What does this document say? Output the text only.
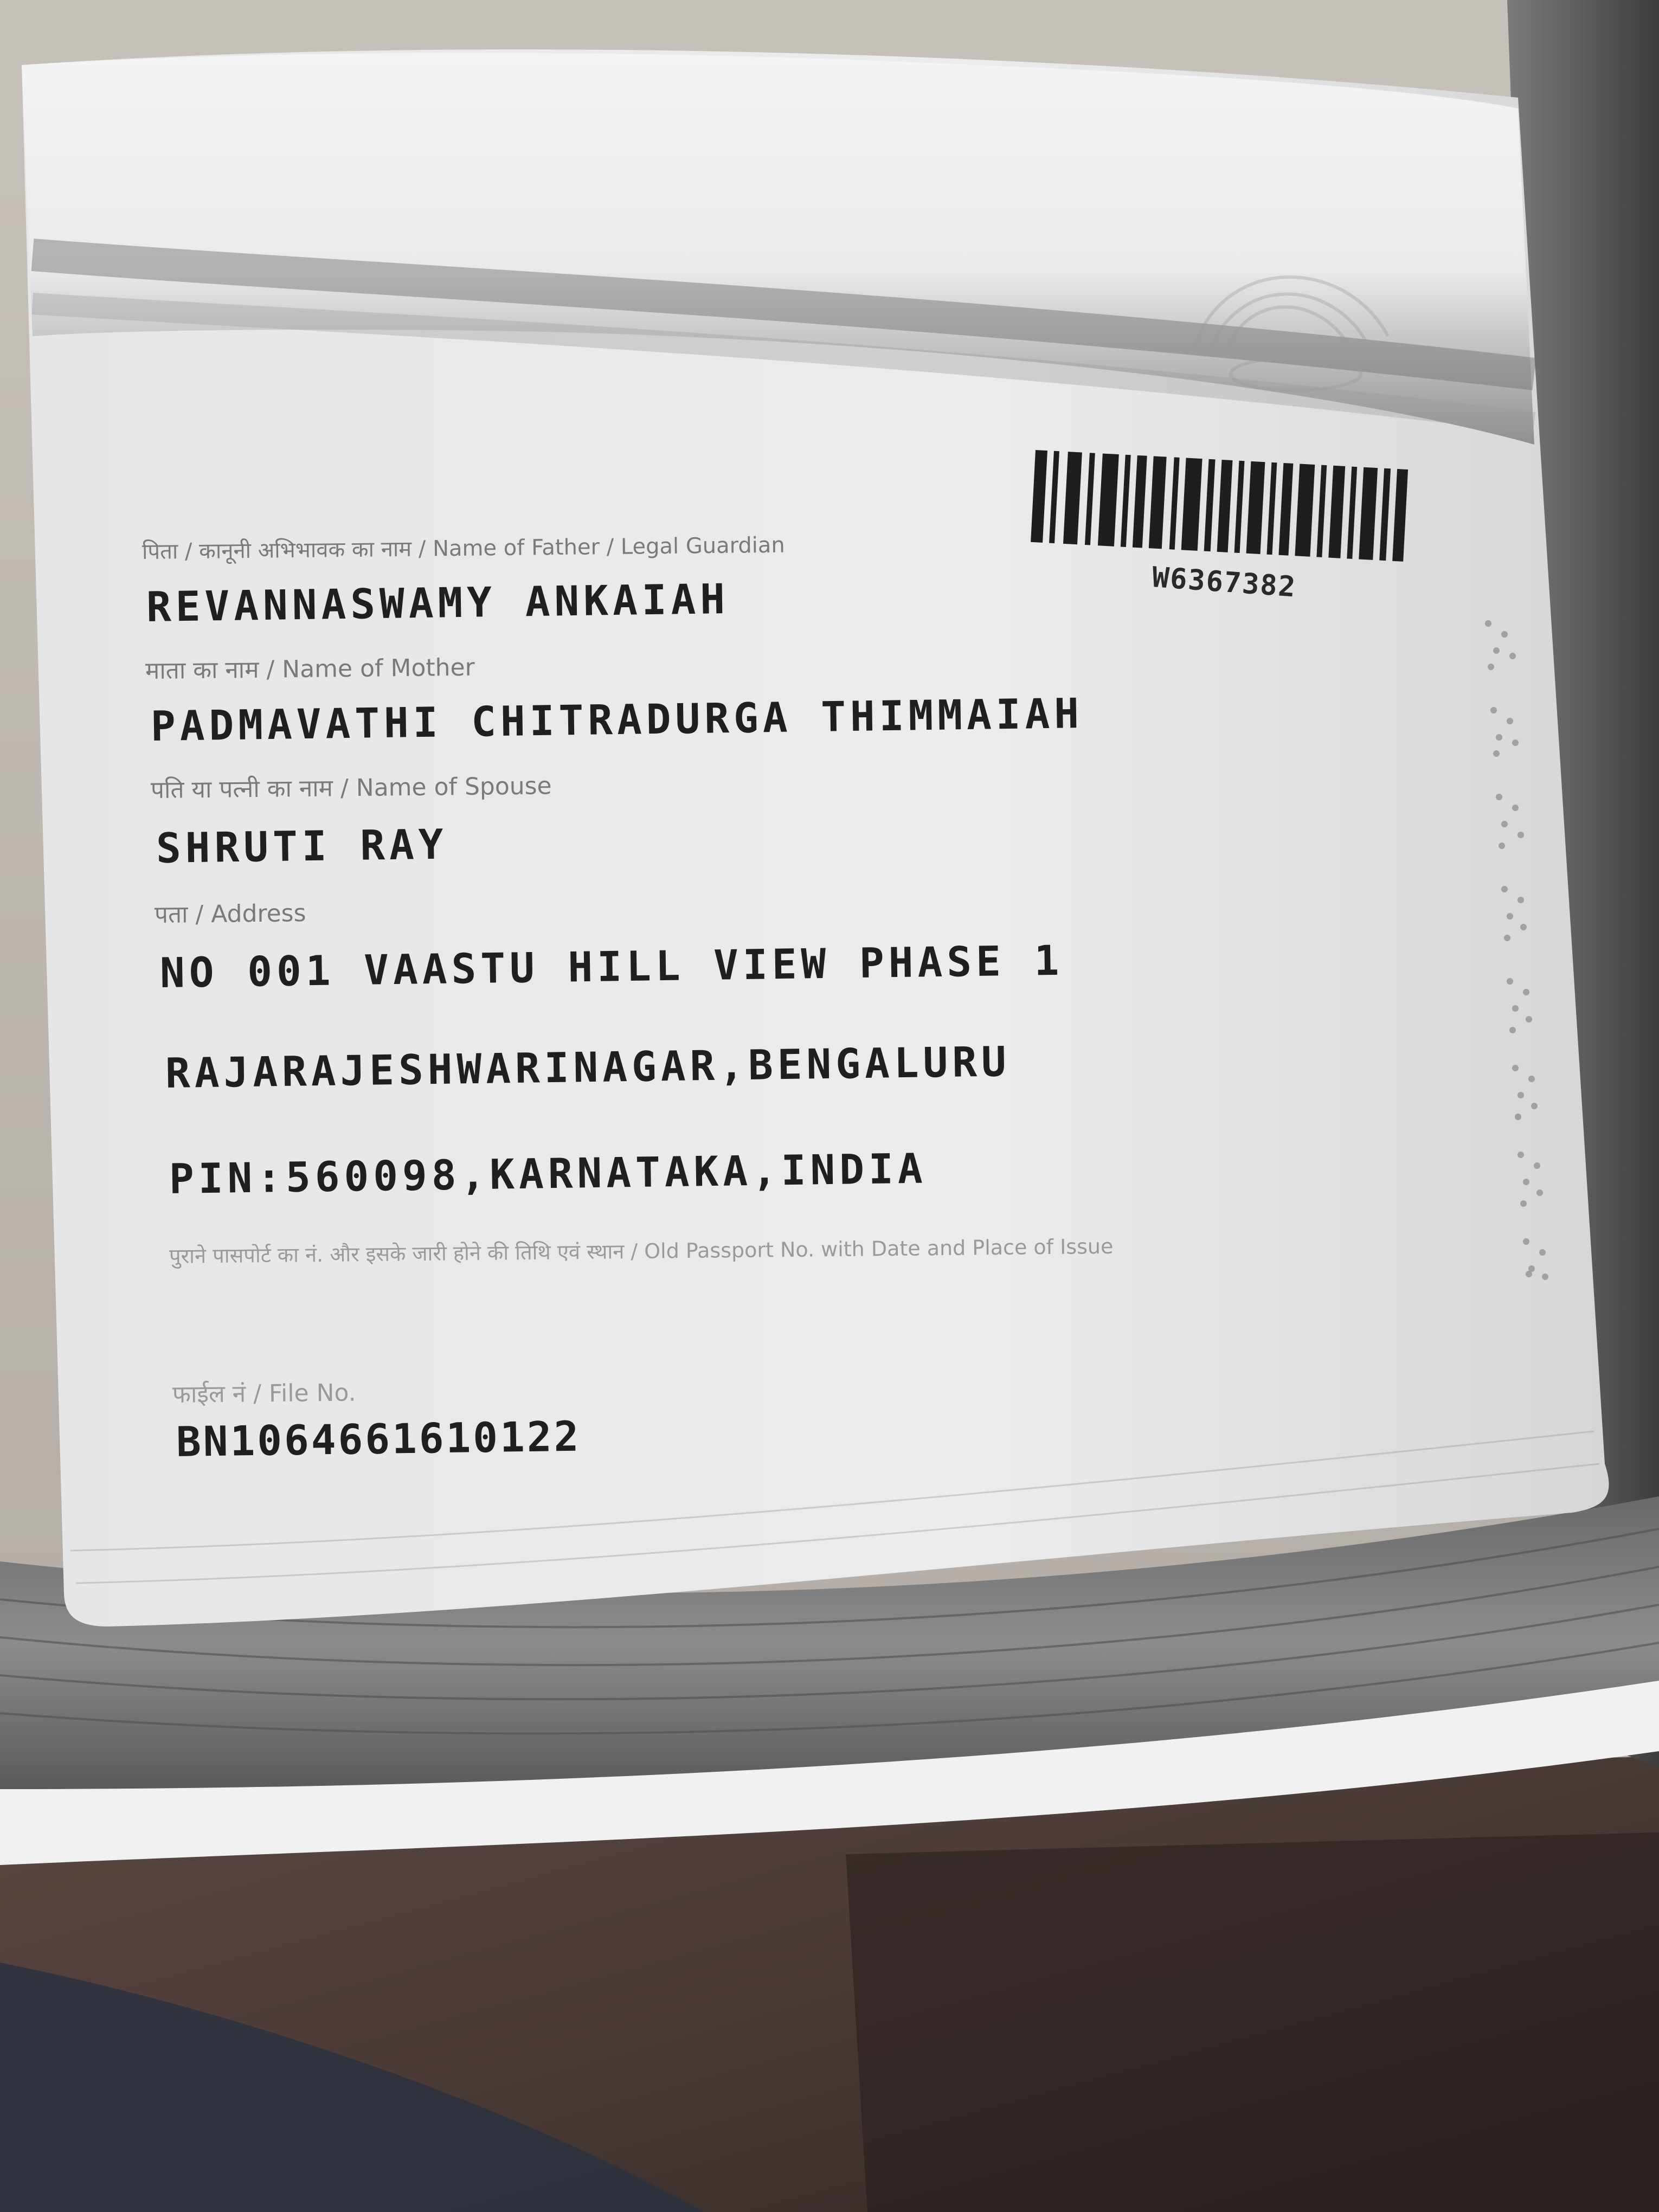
W6367382
पिता / कानूनी अभिभावक का नाम / Name of Father / Legal Guardian
REVANNASWAMY ANKAIAH
माता का नाम / Name of Mother
PADMAVATHI CHITRADURGA THIMMAIAH
पति या पत्नी का नाम / Name of Spouse
SHRUTI RAY
पता / Address
NO 001 VAASTU HILL VIEW PHASE 1
RAJARAJESHWARINAGAR,BENGALURU
PIN:560098,KARNATAKA,INDIA
पुराने पासपोर्ट का नं. और इसके जारी होने की तिथि एवं स्थान / Old Passport No. with Date and Place of Issue
फाईल नं / File No.
BN1064661610122
